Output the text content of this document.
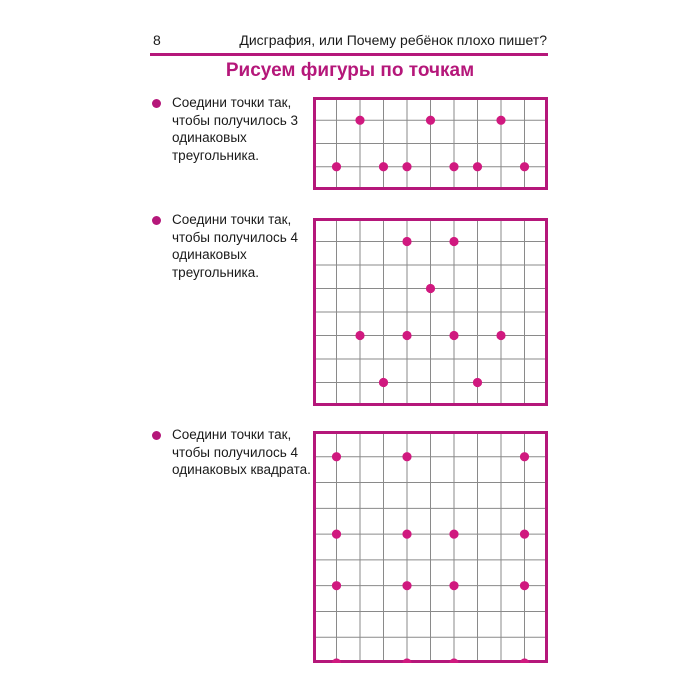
8	Дисграфия, или Почему ребёнок плохо пишет?
Рисуем фигуры по точкам
Соедини точки так, чтобы получилось 3 одинаковых треугольника.
Соедини точки так, чтобы получилось 4 одинаковых треугольника.
Соедини точки так, чтобы получилось 4 одинаковых квадрата.
